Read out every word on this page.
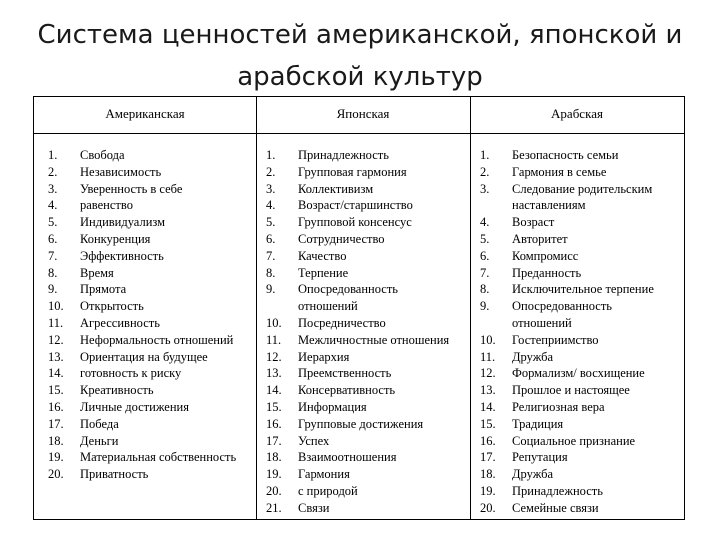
Система ценностей американской, японской и
арабской культур
Американская	Японская	Арабская
1.	Свобода
2.	Независимость
3.	Уверенность в себе
4.	равенство
5.	Индивидуализм
6.	Конкуренция
7.	Эффективность
8.	Время
9.	Прямота
10.	Открытость
11.	Агрессивность
12.	Неформальность отношений
13.	Ориентация на будущее
14.	готовность к риску
15.	Креативность
16.	Личные достижения
17.	Победа
18.	Деньги
19.	Материальная собственность
20.	Приватность
1.	Принадлежность
2.	Групповая гармония
3.	Коллективизм
4.	Возраст/старшинство
5.	Групповой консенсус
6.	Сотрудничество
7.	Качество
8.	Терпение
9.	Опосредованность
отношений
10.	Посредничество
11.	Межличностные отношения
12.	Иерархия
13.	Преемственность
14.	Консервативность
15.	Информация
16.	Групповые достижения
17.	Успех
18.	Взаимоотношения
19.	Гармония
20.	с природой
21.	Связи
1.	Безопасность семьи
2.	Гармония в семье
3.	Следование родительским
наставлениям
4.	Возраст
5.	Авторитет
6.	Компромисс
7.	Преданность
8.	Исключительное терпение
9.	Опосредованность
отношений
10.	Гостеприимство
11.	Дружба
12.	Формализм/ восхищение
13.	Прошлое и настоящее
14.	Религиозная вера
15.	Традиция
16.	Социальное признание
17.	Репутация
18.	Дружба
19.	Принадлежность
20.	Семейные связи
